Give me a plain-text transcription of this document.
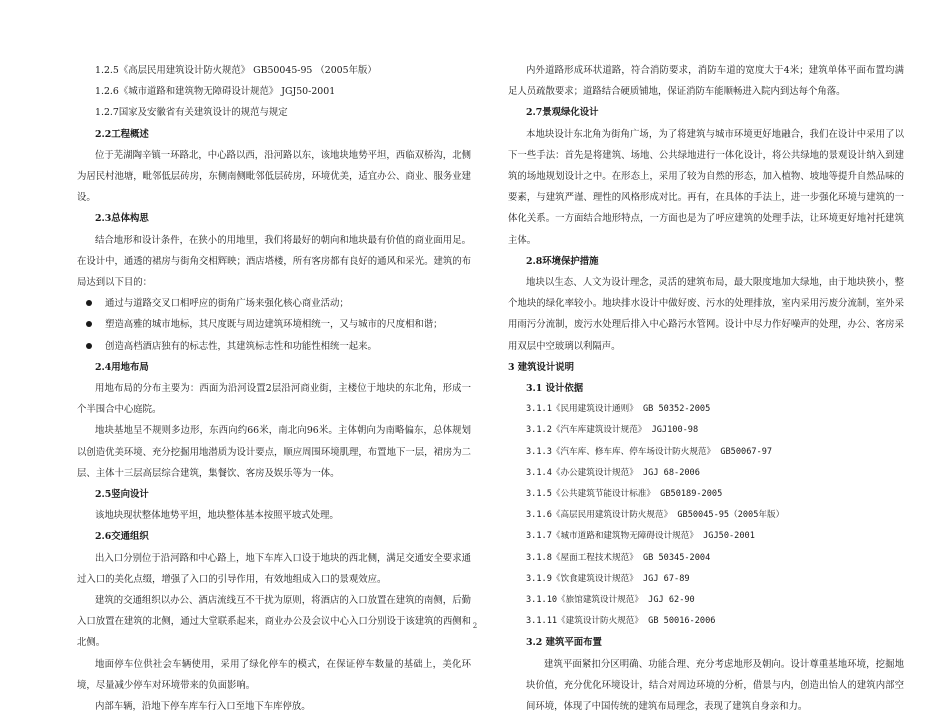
1.2.5《高层民用建筑设计防火规范》 GB50045-95 （2005年版）

1.2.6《城市道路和建筑物无障碍设计规范》 JGJ50-2001

1.2.7国家及安徽省有关建筑设计的规范与规定

2.2工程概述

位于芜湖陶辛镇一环路北，中心路以西，沿河路以东，该地块地势平坦，西临双桥沟，北侧为居民村池塘，毗邻低层砖房，东侧南侧毗邻低层砖房，环境优美，适宜办公、商业、服务业建设。

2.3总体构思

结合地形和设计条件，在狭小的用地里，我们将最好的朝向和地块最有价值的商业面用足。在设计中，通透的裙房与街角交相辉映；酒店塔楼，所有客房都有良好的通风和采光。建筑的布局达到以下目的：

通过与道路交叉口相呼应的街角广场来强化核心商业活动；
塑造高雅的城市地标，其尺度既与周边建筑环境相统一，又与城市的尺度相和谐；
创造高档酒店独有的标志性，其建筑标志性和功能性相统一起来。

2.4用地布局

用地布局的分布主要为：西面为沿河设置2层沿河商业街，主楼位于地块的东北角，形成一个半围合中心庭院。

地块基地呈不规则多边形，东西向约66米，南北向96米。主体朝向为南略偏东，总体规划以创造优美环境、充分挖掘用地潜质为设计要点，顺应周围环境肌理，布置地下一层，裙房为二层、主体十三层高层综合建筑，集餐饮、客房及娱乐等为一体。

2.5竖向设计

该地块现状整体地势平坦，地块整体基本按照平坡式处理。

2.6交通组织

出入口分别位于沿河路和中心路上，地下车库入口设于地块的西北侧，满足交通安全要求通过入口的美化点缀，增强了入口的引导作用，有效地组成入口的景观效应。

建筑的交通组织以办公、酒店流线互不干扰为原则，将酒店的入口放置在建筑的南侧，后勤入口放置在建筑的北侧，通过大堂联系起来，商业办公及会议中心入口分别设于该建筑的西侧和北侧。

地面停车位供社会车辆使用，采用了绿化停车的模式，在保证停车数量的基础上，美化环境，尽量减少停车对环境带来的负面影响。

内部车辆，沿地下停车库车行入口至地下车库停放。

内外道路形成环状道路，符合消防要求，消防车道的宽度大于4米；建筑单体平面布置均满足人员疏散要求；道路结合硬质铺地，保证消防车能顺畅进入院内到达每个角落。

2.7景观绿化设计

本地块设计东北角为街角广场，为了将建筑与城市环境更好地融合，我们在设计中采用了以下一些手法：首先是将建筑、场地、公共绿地进行一体化设计，将公共绿地的景观设计纳入到建筑的场地规划设计之中。在形态上，采用了较为自然的形态，加入植物、坡地等提升自然品味的要素，与建筑严谨、理性的风格形成对比。再有，在具体的手法上，进一步强化环境与建筑的一体化关系。一方面结合地形特点，一方面也是为了呼应建筑的处理手法，让环境更好地衬托建筑主体。

2.8环境保护措施

地块以生态、人文为设计理念，灵活的建筑布局，最大限度地加大绿地，由于地块狭小，整个地块的绿化率较小。地块排水设计中做好废、污水的处理排放，室内采用污废分流制，室外采用雨污分流制，废污水处理后排入中心路污水管网。设计中尽力作好噪声的处理，办公、客房采用双层中空玻璃以利隔声。

3 建筑设计说明

3.1 设计依据

3.1.1《民用建筑设计通则》 GB 50352-2005

3.1.2《汽车库建筑设计规范》 JGJ100-98

3.1.3《汽车库、修车库、停车场设计防火规范》 GB50067-97

3.1.4《办公建筑设计规范》 JGJ 68-2006

3.1.5《公共建筑节能设计标准》 GB50189-2005

3.1.6《高层民用建筑设计防火规范》 GB50045-95（2005年版）

3.1.7《城市道路和建筑物无障碍设计规范》 JGJ50-2001

3.1.8《屋面工程技术规范》 GB 50345-2004

3.1.9《饮食建筑设计规范》 JGJ 67-89

3.1.10《旅馆建筑设计规范》 JGJ 62-90

3.1.11《建筑设计防火规范》 GB 50016-2006

3.2 建筑平面布置

建筑平面紧扣分区明确、功能合理、充分考虑地形及朝向。设计尊重基地环境，挖掘地块价值，充分优化环境设计，结合对周边环境的分析，借景与内，创造出怡人的建筑内部空间环境，体现了中国传统的建筑布局理念，表现了建筑自身亲和力。

2
